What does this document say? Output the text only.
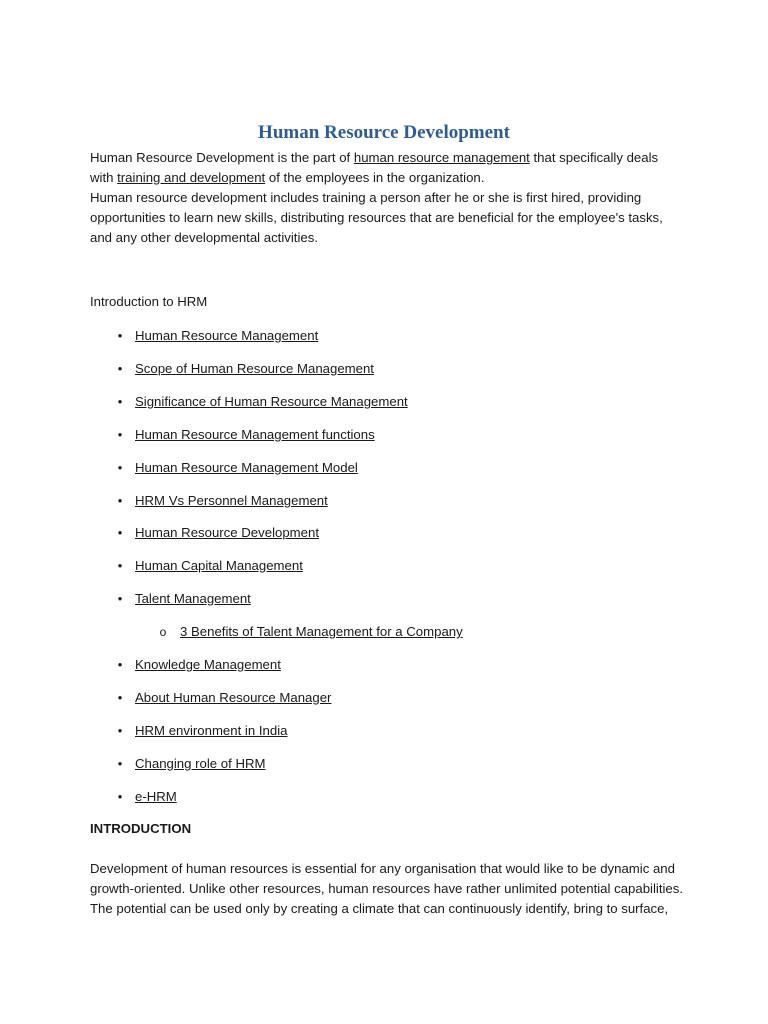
Human Resource Development

Human Resource Development is the part of human resource management that specifically deals
with training and development of the employees in the organization.

Human resource development includes training a person after he or she is first hired, providing opportunities to learn new skills, distributing resources that are beneficial for the employee's tasks, and any other developmental activities.

Introduction to HRM

• Human Resource Management
• Scope of Human Resource Management
• Significance of Human Resource Management
• Human Resource Management functions
• Human Resource Management Model
• HRM Vs Personnel Management
• Human Resource Development
• Human Capital Management
• Talent Management
o 3 Benefits of Talent Management for a Company
• Knowledge Management
• About Human Resource Manager
• HRM environment in India
• Changing role of HRM
• e-HRM

INTRODUCTION

Development of human resources is essential for any organisation that would like to be dynamic and growth-oriented. Unlike other resources, human resources have rather unlimited potential capabilities. The potential can be used only by creating a climate that can continuously identify, bring to surface,
